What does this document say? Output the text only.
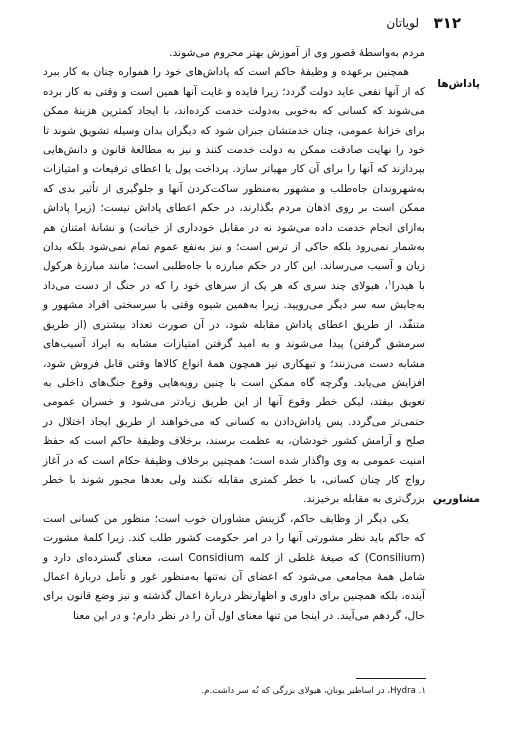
۳۱۲
لویاتان
پاداش‌ها
مشاورین

مردم به‌واسطهٔ قصور وی از آموزش بهتر محروم می‌شوند.

همچنین برعهده و وظیفهٔ حاکم است که پاداش‌های خود را همواره چنان به کار ببرد که از آنها نفعی عاید دولت گردد؛ زیرا فایده و غایت آنها همین است و وقتی به کار برده می‌شوند که کسانی که به‌خوبی به‌دولت خدمت کرده‌اند، با ایجاد کمترین هزینهٔ ممکن برای خزانهٔ عمومی، چنان خدمتشان جبران شود که دیگران بدان وسیله تشویق شوند تا خود را نهایت صادقت ممکن به دولت خدمت کنند و نیز به مطالعهٔ قانون و دانش‌هایی بپردازند که آنها را برای آن کار مهیاتر سازد. پرداخت پول یا اعطای ترفیعات و امتیازات به‌شهروندان جاه‌طلب و مشهور به‌منظور ساکت‌کردن آنها و جلوگیری از تأثیر بدی که ممکن است بر روی اذهان مردم بگذارند، در حکم اعطای پاداش نیست؛ (زیرا پاداش به‌ازای انجام خدمت داده می‌شود نه در مقابل خودداری از خیانت) و نشانهٔ امتنان هم به‌شمار نمی‌رود بلکه حاکی از ترس است؛ و نیز به‌نفع عموم تمام نمی‌شود بلکه بدان زیان و آسیب می‌رساند. این کار در حکم مبارزه با جاه‌طلبی است؛ مانند مبارزهٔ هرکول با هیدرا$^۱$، هیولای چند سری که هر یک از سرهای خود را که در جنگ از دست می‌داد به‌جایش سه سر دیگر می‌رویید. زیرا به‌همین شیوه وقتی با سرسختی افراد مشهور و متنفّذ، از طریق اعطای پاداش مقابله شود، در آن صورت تعداد بیشتری (از طریق سرمشق گرفتن) پیدا می‌شوند و به امید گرفتن امتیازات مشابه به ایراد آسیب‌های مشابه دست می‌زنند؛ و تبهکاری نیز همچون همهٔ انواع کالاها وقتی قابل فروش شود، افزایش می‌یابد. وگرچه گاه ممکن است با چنین رویه‌هایی وقوع جنگ‌های داخلی به تعویق بیفتد، لیکن خطر وقوع آنها از این طریق زیادتر می‌شود و خسران عمومی حتمی‌تر می‌گردد. پس پاداش‌دادن به کسانی که می‌خواهند از طریق ایجاد اختلال در صلح و آرامش کشور خودشان، به عظمت برسند، برخلاف وظیفهٔ حاکم است که حفظ امنیت عمومی به وی واگذار شده است؛ همچنین برخلاف وظیفهٔ حکام است که در آغاز رواج کار چنان کسانی، با خطر کمتری مقابله نکنند ولی بعدها مجبور شوند با خطر بزرگ‌تری به مقابله برخیزند.

یکی دیگر از وظایف حاکم، گزینش مشاوران خوب است؛ منظور من کسانی است که حاکم باید نظر مشورتی آنها را در امر حکومت کشور طلب کند. زیرا کلمهٔ مشورت (Consilium) که صیغهٔ غلطی از کلمه Considium است، معنای گسترده‌ای دارد و شامل همهٔ مجامعی می‌شود که اعضای آن نه‌تنها به‌منظور غور و تأمل دربارهٔ اعمال آینده، بلکه همچنین برای داوری و اظهارنظر دربارهٔ اعمال گذشته و نیز وضع قانون برای حال، گردهم می‌آیند. در اینجا من تنها معنای اول آن را در نظر دارم؛ و در این معنا

۱. Hydra، در اساطیر یونان، هیولای بزرگی که نُه سر داشت.م.
